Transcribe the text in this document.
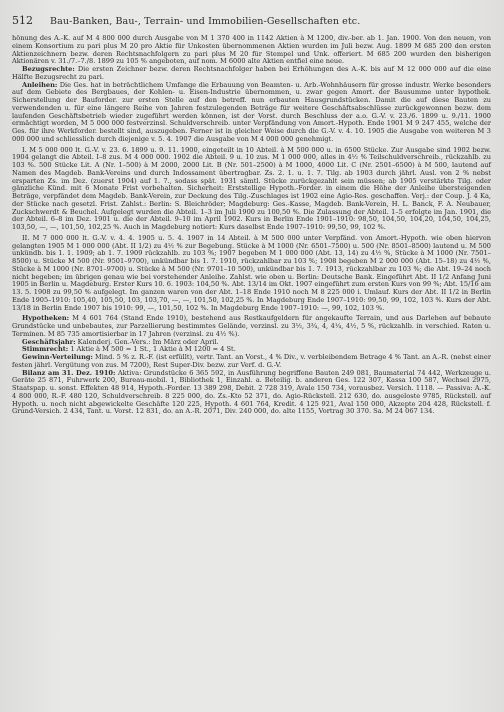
512	Bau-Banken, Bau-, Terrain- und Immobilien-Gesellschaften etc.

hönung des A.-K. auf M 4 800 000 durch Ausgabe von M 1 370 400 in 1142 Aktien à M 1200, div.-ber. ab 1. Jan. 1900. Von den neuen, von einem Konsortium zu pari plus M 20 pro Aktie für Unkosten übernommenen Aktien wurden im Juli bezw. Aug. 1899 M 685 200 den ersten Aktienzeichnern bezw. deren Rechtsnachfolgern zu pari plus M 20 für Stempel und Unk. offeriert. M 685 200 wurden den bisherigen Aktionären v. 31./7.–7./8. 1899 zu 105 % angeboten, auf nom. M 6000 alte Aktien entfiel eine neue.

Bezugsrechte: Die ersten Zeichner bezw. deren Rechtsnachfolger haben bei Erhöhungen des A.-K. bis auf M 12 000 000 auf die eine Hälfte Bezugsrecht zu pari.

Anleihen: Die Ges. hat in beträchtlichem Umfange die Erbauung von Beamten- u. Arb.-Wohnhäusern für grosse industr. Werke besonders auf dem Gebiete des Bergbaues, der Kohlen- u. Eisen-Industrie übernommen, u. zwar gegen Amort. der Bausumme unter hypothek. Sicherstellung der Bauforder. zur ersten Stelle auf den betreff. nun erbauten Hausgrundstücken. Damit die auf diese Bauten zu verwendenden u. für eine längere Reihe von Jahren festzulegenden Beträge für weitere Geschäftsabschlüsse zurückgewonnen bezw. dem laufenden Geschäftsbetrieb wieder zugeführt werden können, ist der Vorst. durch Beschluss der a.o. G.-V. v. 23./6. 1899 u. 9./11. 1900 ermächtigt worden, M 5 000 000 festverzinsl. Schuldverschreib. unter Verpfändung von Amort.-Hypoth. Ende 1901 M 9 247 455, welche der Ges. für ihre Werkforder. bestellt sind, auszugeben. Ferner ist in gleicher Weise durch die G.-V. v. 4. 10. 1905 die Ausgabe von weiteren M 3 000 000 und schliesslich durch diejenige v. 5. 4. 1907 die Ausgabe von M 4 000 000 genehmigt.

I. M 5 000 000 lt. G.-V. v. 23. 6. 1899 u. 9. 11. 1900, eingeteilt in 10 Abteil. à M 500 000 u. in 6500 Stücke. Zur Ausgabe sind 1902 bezw. 1904 gelangt die Abteil. I–8 zus. M 4 000 000. 1902 die Abteil. 9 u. 10 zus. M 1 000 000, alles in 4½ % Teilschuldverschreib., rückzahlb. zu 103 %. 500 Stücke Lit. A (Nr. 1–500) à M 2000, 2000 Lit. B (Nr. 501–2500) à M 1000, 4000 Lit. C (Nr. 2501–6500) à M 500, lautend auf Namen des Magdeb. Bank-Vereins und durch Indossament übertragbar. Zs. 2. 1. u. 1. 7. Tilg. ab 1903 durch jährl. Ausl. von 2 % nebst ersparten Zs. im Dez. (zuerst 1904) auf 1. 7., sodass spät. 1931 sämtl. Stücke zurückgezahlt sein müssen; ab 1905 verstärkte Tilg. oder gänzliche Künd. mit 6 Monate Frist vorbehalten. Sicherheit: Erststellige Hypoth.-Forder. in einem die Höhe der Anleihe übersteigenden Beträge, verpfändet dem Magdeb. Bank-Verein, zur Deckung des Tilg.-Zuschlages ist 1902 eine Agio-Res. geschaffen. Verj.: der Coup. J. 4 Ka, der Stücke nach gesetzl. Frist. Zahlst.: Berlin: S. Bleichröder; Magdeburg: Ges.-Kasse, Magdeb. Bank-Verein, H. L. Banck, F. A. Neubauer, Zuckschwerdt & Beuchel. Aufgelegt wurden die Abteil. 1–3 im Juli 1900 zu 100,50 %. Die Zulassung der Abteil. 1–5 erfolgte im Jan. 1901, die der Abteil. 6–8 im Dez. 1901 u. die der Abteil. 9–10 im April 1902. Kurs in Berlin Ende 1901–1910: 98,50, 104,50, 104,20, 104,50, 104,25, 103,50, —, —, 101,50, 102,25 %. Auch in Magdeburg notiert: Kurs daselbst Ende 1907–1910: 99,50, 99, 102 %.

II. M 7 000 000 lt. G.-V. v. 4. 4. 1905 u. 5. 4. 1907 in 14 Abteil. à M 500 000 unter Verpfänd. von Amort.-Hypoth. wie oben hiervon gelangten 1905 M 1 000 000 (Abt. II 1/2) zu 4½ % zur Begebung. Stücke à M 1000 (Nr. 6501–7500) u. 500 (Nr. 8501–8500) lautend u. M 500 unkündb. bis 1. 1. 1909; ab 1. 7. 1909 rückzahlb. zu 103 %; 1907 begeben M 1 000 000 (Abt. 13, 14) zu 4½ %, Stücke à M 1000 (Nr. 7501–8500) u. Stücke M 500 (Nr. 9501–9700), unkündbar bis 1. 7. 1910, rückzahlbar zu 103 %; 1908 begeben M 2 000 000 (Abt. 15–18) zu 4½ %, Stücke à M 1000 (Nr. 8701–9700) u. Stücke à M 500 (Nr. 9701–10 500), unkündbar bis 1. 7. 1913, rückzahlbar zu 103 %; die Abt. 19–24 noch nicht begeben; im übrigen genau wie bei vorstehender Anleihe. Zahlst. wie oben u. Berlin: Deutsche Bank. Eingeführt Abt. II 1/2 Anfang Juni 1905 in Berlin u. Magdeburg. Erster Kurs 10. 6. 1903: 104,50 %. Abt. 13/14 im Okt. 1907 eingeführt zum ersten Kurs von 99 %; Abt. 15/16 am 13. 5. 1908 zu 99,50 % aufgelegt. Im ganzen waren von der Abt. 1–18 Ende 1910 noch M 8 225 000 i. Umlauf. Kurs der Abt. II 1/2 in Berlin Ende 1905–1910: 105,40, 105,50, 103, 103,70, —, —, 101,50, 102,25 %. In Magdeburg Ende 1907–1910: 99,50, 99, 102, 103 %. Kurs der Abt. 13/18 in Berlin Ende 1907 bis 1910: 99, —, 101,50, 102 %. In Magdeburg Ende 1907–1910: —, 99, 102, 103 %.

Hypotheken: M 4 601 764 (Stand Ende 1910), bestehend aus Restkaufgeldern für angekaufte Terrain, und aus Darlehen auf bebaute Grundstücke und unbebautes, zur Parzellierung bestimmtes Gelände, verzinsl. zu 3½, 3¾, 4, 4¼, 4½, 5 %, rückzahlb. in verschied. Raten u. Terminen. M 85 735 amortisierbar in 17 Jahren (verzinsl. zu 4½ %).

Geschäftsjahr: Kalenderj. Gen.-Vers.: Im März oder April.

Stimmrecht: 1 Aktie à M 500 = 1 St., 1 Aktie à M 1200 = 4 St.

Gewinn-Verteilung: Mind. 5 % z. R.-F. (ist erfüllt), vertr. Tant. an Vorst., 4 % Div., v. verbleibendem Betrage 4 % Tant. an A.-R. (nebst einer festen jährl. Vergütung von zus. M 7200), Rest Super-Div. bezw. zur Verf. d. G.-V.

Bilanz am 31. Dez. 1910: Aktiva: Grundstücke 6 365 592, in Ausführung begriffene Bauten 249 081, Baumaterial 74 442, Werkzeuge u. Geräte 25 871, Fuhrwerk 200, Bureau-mobil. 1, Bibliothek 1, Einzahl. a. Beteilig. b. anderen Ges. 122 307, Kassa 100 587, Wechsel 2975, Staatspap. u. sonst. Effekten 48 914, Hypoth.-Forder. 13 389 298, Debit. 2 728 319, Avale 150 734, vorausbez. Versich. 1118. — Passiva: A.-K. 4 800 000, R.-F. 480 120, Schuldverschreib. 8 225 000, do. Zs.-Kto 52 371, do. Agio-Rückstell. 212 630, do. ausgeloste 9785, Rückstell. auf Hypoth. u. noch nicht abgewickelte Geschäfte 120 225, Hypoth. 4 601 764, Kredit. 4 125 921, Aval 150 000, Akzepte 204 428, Rückstell. f. Grund-Versich. 2 434, Tant. u. Vorst. 12 831, do. an A.-R. 2071, Div. 240 000, do. alte 1155, Vortrag 30 370. Sa. M 24 067 134.
